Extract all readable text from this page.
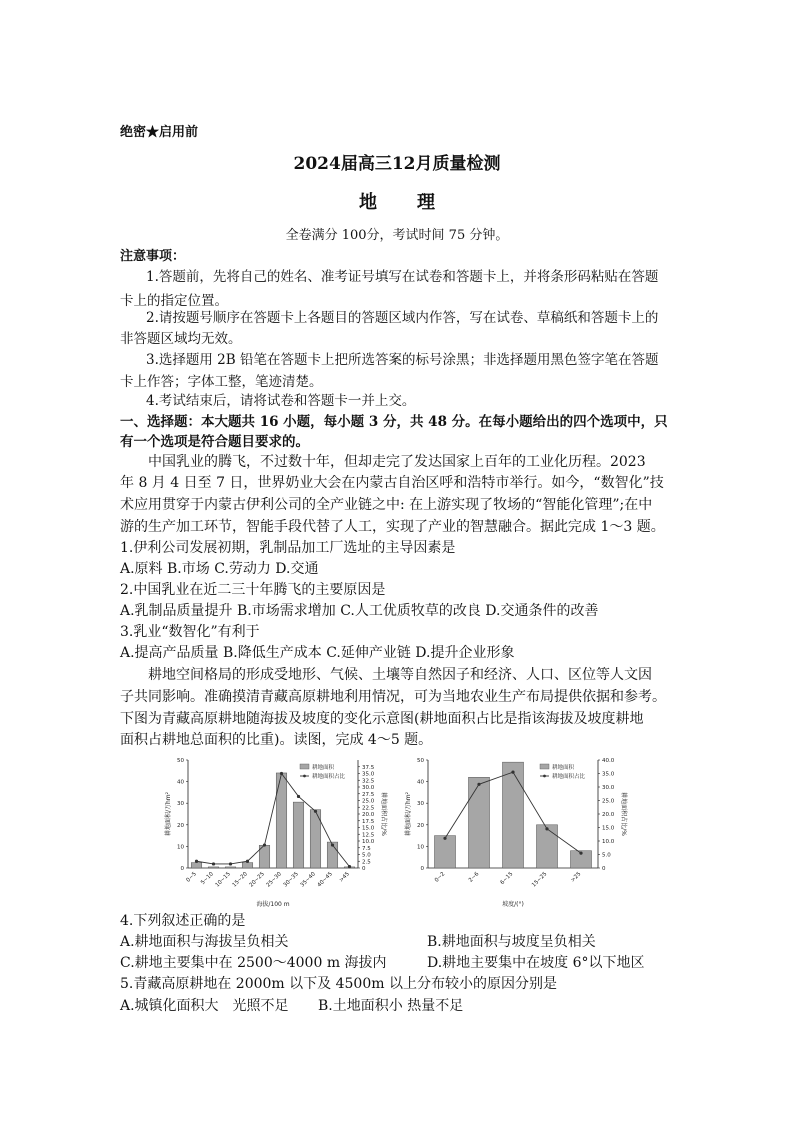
绝密★启用前
2024届高三12月质量检测
地理
全卷满分 100分，考试时间 75 分钟。
注意事项：
1.答题前，先将自己的姓名、准考证号填写在试卷和答题卡上，并将条形码粘贴在答题
卡上的指定位置。
2.请按题号顺序在答题卡上各题目的答题区域内作答，写在试卷、草稿纸和答题卡上的
非答题区域均无效。
3.选择题用 2B 铅笔在答题卡上把所选答案的标号涂黑；非选择题用黑色签字笔在答题
卡上作答；字体工整，笔迹清楚。
4.考试结束后，请将试卷和答题卡一并上交。
一、选择题：本大题共 16 小题，每小题 3 分，共 48 分。在每小题给出的四个选项中，只
有一个选项是符合题目要求的。
中国乳业的腾飞，不过数十年，但却走完了发达国家上百年的工业化历程。2023
年 8 月 4 日至 7 日，世界奶业大会在内蒙古自治区呼和浩特市举行。如今，“数智化”技
术应用贯穿于内蒙古伊利公司的全产业链之中: 在上游实现了牧场的“智能化管理”;在中
游的生产加工环节，智能手段代替了人工，实现了产业的智慧融合。据此完成 1～3 题。
1.伊利公司发展初期，乳制品加工厂选址的主导因素是
A.原料 B.市场 C.劳动力 D.交通
2.中国乳业在近二三十年腾飞的主要原因是
A.乳制品质量提升 B.市场需求增加 C.人工优质牧草的改良 D.交通条件的改善
3.乳业“数智化”有利于
A.提高产品质量 B.降低生产成本 C.延伸产业链 D.提升企业形象
耕地空间格局的形成受地形、气候、土壤等自然因子和经济、人口、区位等人文因
子共同影响。准确摸清青藏高原耕地利用情况，可为当地农业生产布局提供依据和参考。
下图为青藏高原耕地随海拔及坡度的变化示意图(耕地面积占比是指该海拔及坡度耕地
面积占耕地总面积的比重)。读图，完成 4～5 题。
0
10
20
30
40
50
0
2.5
5.0
7.5
10.0
12.5
15.0
17.5
20.0
22.5
25.0
27.5
30.0
32.5
35.0
37.5
0~5 5~10 10~15 15~20 20~25 25~30 30~35 35~40 40~45 >45
海拔/100 m
耕地面积/万hm²	耕地面积占比/%
耕地面积
耕地面积占比
0
10
20
30
40
50
0
5.0
10.0
15.0
20.0
25.0
30.0
35.0
40.0
0~2	2~6	6~15	15~25	>25
坡度/(°)
耕地面积/万hm²	耕地面积占比/%
耕地面积
耕地面积占比
4.下列叙述正确的是
A.耕地面积与海拔呈负相关	B.耕地面积与坡度呈负相关
C.耕地主要集中在 2500～4000 m 海拔内	D.耕地主要集中在坡度 6°以下地区
5.青藏高原耕地在 2000m 以下及 4500m 以上分布较小的原因分别是
A.城镇化面积大　光照不足 B.土地面积小 热量不足
